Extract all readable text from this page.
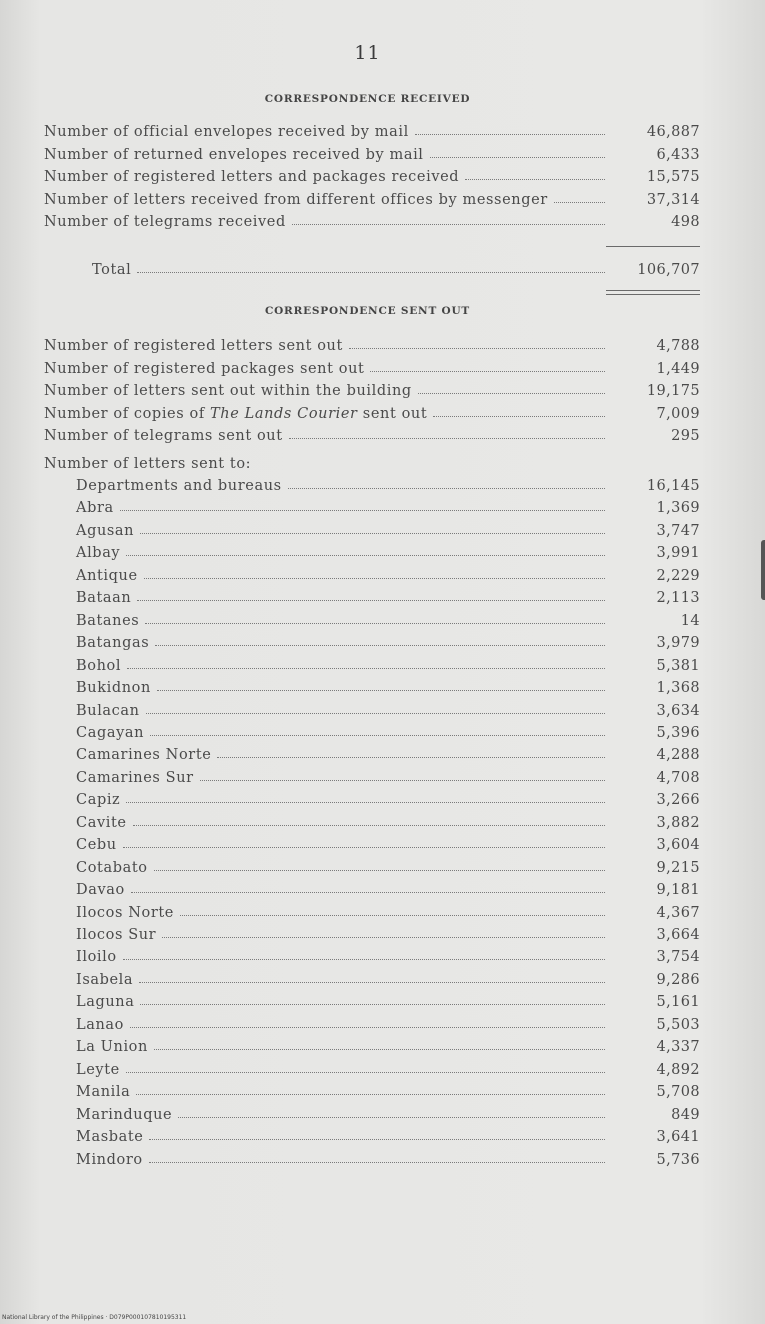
11
CORRESPONDENCE RECEIVED
Number of official envelopes received by mail	46,887
Number of returned envelopes received by mail	6,433
Number of registered letters and packages received	15,575
Number of letters received from different offices by messenger	37,314
Number of telegrams received	498
Total	106,707
CORRESPONDENCE SENT OUT
Number of registered letters sent out	4,788
Number of registered packages sent out	1,449
Number of letters sent out within the building	19,175
Number of copies of The Lands Courier sent out	7,009
Number of telegrams sent out	295
Number of letters sent to:
Departments and bureaus	16,145
Abra	1,369
Agusan	3,747
Albay	3,991
Antique	2,229
Bataan	2,113
Batanes	14
Batangas	3,979
Bohol	5,381
Bukidnon	1,368
Bulacan	3,634
Cagayan	5,396
Camarines Norte	4,288
Camarines Sur	4,708
Capiz	3,266
Cavite	3,882
Cebu	3,604
Cotabato	9,215
Davao	9,181
Ilocos Norte	4,367
Ilocos Sur	3,664
Iloilo	3,754
Isabela	9,286
Laguna	5,161
Lanao	5,503
La Union	4,337
Leyte	4,892
Manila	5,708
Marinduque	849
Masbate	3,641
Mindoro	5,736
National Library of the Philippines · D079P000107810195311
